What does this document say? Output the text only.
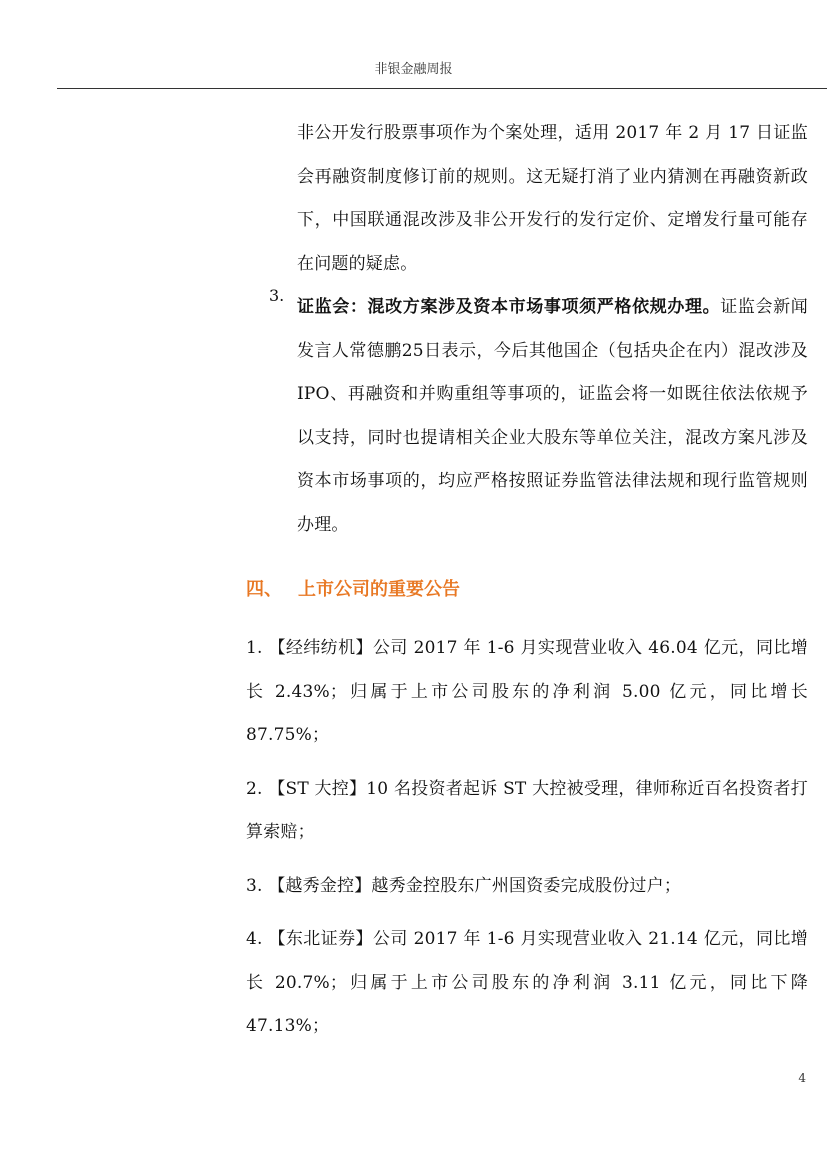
非银金融周报

非公开发行股票事项作为个案处理，适用 2017 年 2 月 17 日证监会再融资制度修订前的规则。这无疑打消了业内猜测在再融资新政下，中国联通混改涉及非公开发行的发行定价、定增发行量可能存在问题的疑虑。

3.

证监会：混改方案涉及资本市场事项须严格依规办理。证监会新闻发言人常德鹏25日表示，今后其他国企（包括央企在内）混改涉及 IPO、再融资和并购重组等事项的，证监会将一如既往依法依规予以支持，同时也提请相关企业大股东等单位关注，混改方案凡涉及资本市场事项的，均应严格按照证券监管法律法规和现行监管规则办理。

四、 上市公司的重要公告

1. 【经纬纺机】公司 2017 年 1-6 月实现营业收入 46.04 亿元，同比增长 2.43%；归属于上市公司股东的净利润 5.00 亿元，同比增长 87.75%；

2. 【ST 大控】10 名投资者起诉 ST 大控被受理，律师称近百名投资者打算索赔；

3. 【越秀金控】越秀金控股东广州国资委完成股份过户；

4. 【东北证券】公司 2017 年 1-6 月实现营业收入 21.14 亿元，同比增长 20.7%；归属于上市公司股东的净利润 3.11 亿元，同比下降 47.13%；

4
